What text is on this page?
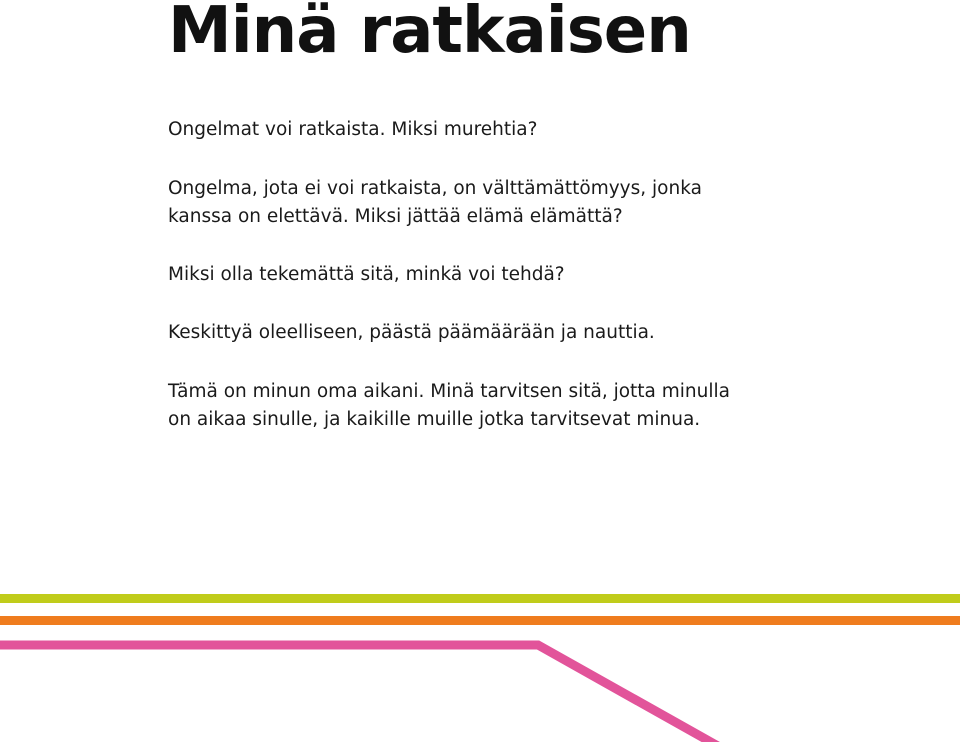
Minä ratkaisen

Ongelmat voi ratkaista. Miksi murehtia?

Ongelma, jota ei voi ratkaista, on välttämättömyys, jonka
kanssa on elettävä. Miksi jättää elämä elämättä?

Miksi olla tekemättä sitä, minkä voi tehdä?

Keskittyä oleelliseen, päästä päämäärään ja nauttia.

Tämä on minun oma aikani. Minä tarvitsen sitä, jotta minulla
on aikaa sinulle, ja kaikille muille jotka tarvitsevat minua.
